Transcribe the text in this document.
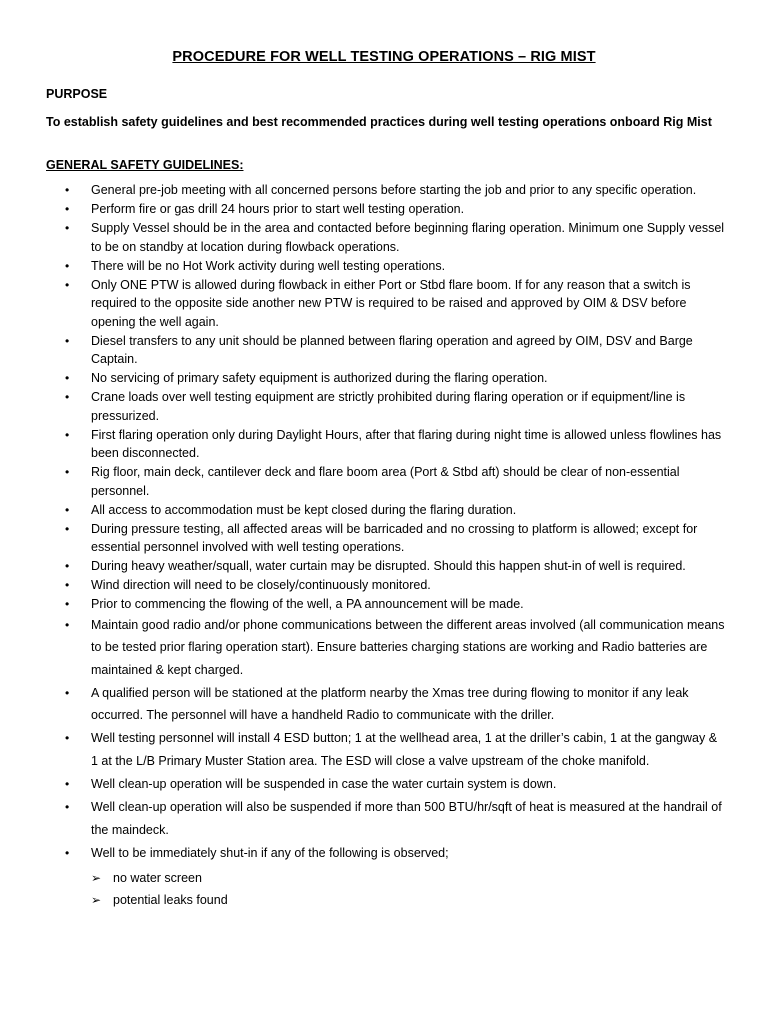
PROCEDURE FOR WELL TESTING OPERATIONS – RIG MIST
PURPOSE
To establish safety guidelines and best recommended practices during well testing operations onboard Rig Mist
GENERAL SAFETY GUIDELINES:
• General pre-job meeting with all concerned persons before starting the job and prior to any specific operation.
• Perform fire or gas drill 24 hours prior to start well testing operation.
• Supply Vessel should be in the area and contacted before beginning flaring operation. Minimum one Supply vessel to be on standby at location during flowback operations.
• There will be no Hot Work activity during well testing operations.
• Only ONE PTW is allowed during flowback in either Port or Stbd flare boom. If for any reason that a switch is required to the opposite side another new PTW is required to be raised and approved by OIM & DSV before opening the well again.
• Diesel transfers to any unit should be planned between flaring operation and agreed by OIM, DSV and Barge Captain.
• No servicing of primary safety equipment is authorized during the flaring operation.
• Crane loads over well testing equipment are strictly prohibited during flaring operation or if equipment/line is pressurized.
• First flaring operation only during Daylight Hours, after that flaring during night time is allowed unless flowlines has been disconnected.
• Rig floor, main deck, cantilever deck and flare boom area (Port & Stbd aft) should be clear of non-essential personnel.
• All access to accommodation must be kept closed during the flaring duration.
• During pressure testing, all affected areas will be barricaded and no crossing to platform is allowed; except for essential personnel involved with well testing operations.
• During heavy weather/squall, water curtain may be disrupted. Should this happen shut-in of well is required.
• Wind direction will need to be closely/continuously monitored.
• Prior to commencing the flowing of the well, a PA announcement will be made.
• Maintain good radio and/or phone communications between the different areas involved (all communication means to be tested prior flaring operation start). Ensure batteries charging stations are working and Radio batteries are maintained & kept charged.
• A qualified person will be stationed at the platform nearby the Xmas tree during flowing to monitor if any leak occurred. The personnel will have a handheld Radio to communicate with the driller.
• Well testing personnel will install 4 ESD button; 1 at the wellhead area, 1 at the driller’s cabin, 1 at the gangway & 1 at the L/B Primary Muster Station area. The ESD will close a valve upstream of the choke manifold.
• Well clean-up operation will be suspended in case the water curtain system is down.
• Well clean-up operation will also be suspended if more than 500 BTU/hr/sqft of heat is measured at the handrail of the maindeck.
• Well to be immediately shut-in if any of the following is observed;
➢ no water screen
➢ potential leaks found
